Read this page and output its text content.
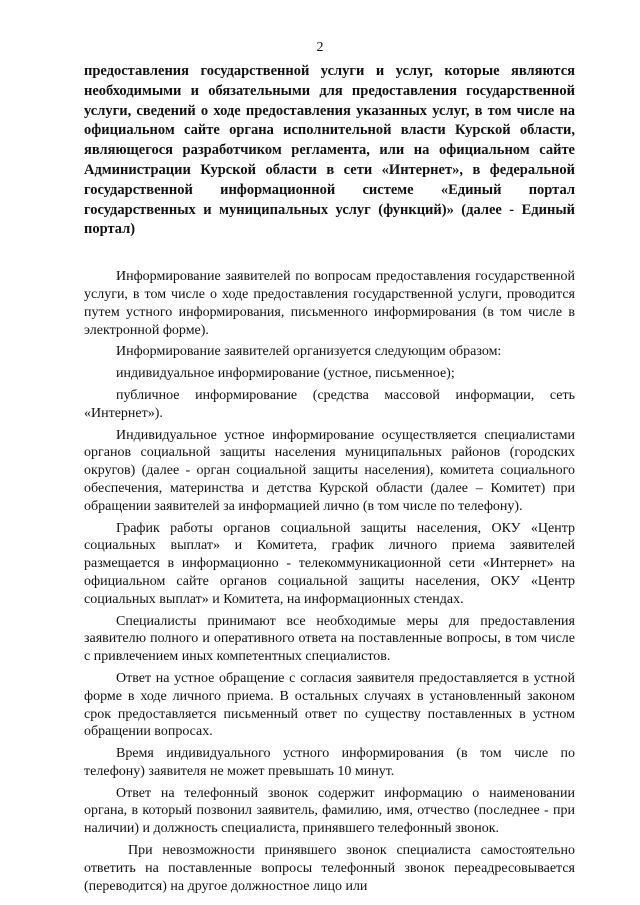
2

предоставления государственной услуги и услуг, которые являются необходимыми и обязательными для предоставления государственной услуги, сведений о ходе предоставления указанных услуг, в том числе на официальном сайте органа исполнительной власти Курской области, являющегося разработчиком регламента, или на официальном сайте Администрации Курской области в сети «Интернет», в федеральной государственной информационной системе «Единый портал государственных и муниципальных услуг (функций)» (далее - Единый портал)

Информирование заявителей по вопросам предоставления государственной услуги, в том числе о ходе предоставления государственной услуги, проводится путем устного информирования, письменного информирования (в том числе в электронной форме).

Информирование заявителей организуется следующим образом:

индивидуальное информирование (устное, письменное);

публичное информирование (средства массовой информации, сеть «Интернет»).

Индивидуальное устное информирование осуществляется специалистами органов социальной защиты населения муниципальных районов (городских округов) (далее - орган социальной защиты населения), комитета социального обеспечения, материнства и детства Курской области (далее – Комитет) при обращении заявителей за информацией лично (в том числе по телефону).

График работы органов социальной защиты населения, ОКУ «Центр социальных выплат» и Комитета, график личного приема заявителей размещается в информационно - телекоммуникационной сети «Интернет» на официальном сайте органов социальной защиты населения, ОКУ «Центр социальных выплат» и Комитета, на информационных стендах.

Специалисты принимают все необходимые меры для предоставления заявителю полного и оперативного ответа на поставленные вопросы, в том числе с привлечением иных компетентных специалистов.

Ответ на устное обращение с согласия заявителя предоставляется в устной форме в ходе личного приема. В остальных случаях в установленный законом срок предоставляется письменный ответ по существу поставленных в устном обращении вопросах.

Время индивидуального устного информирования (в том числе по телефону) заявителя не может превышать 10 минут.

Ответ на телефонный звонок содержит информацию о наименовании органа, в который позвонил заявитель, фамилию, имя, отчество (последнее - при наличии) и должность специалиста, принявшего телефонный звонок.

При невозможности принявшего звонок специалиста самостоятельно ответить на поставленные вопросы телефонный звонок переадресовывается (переводится) на другое должностное лицо или
